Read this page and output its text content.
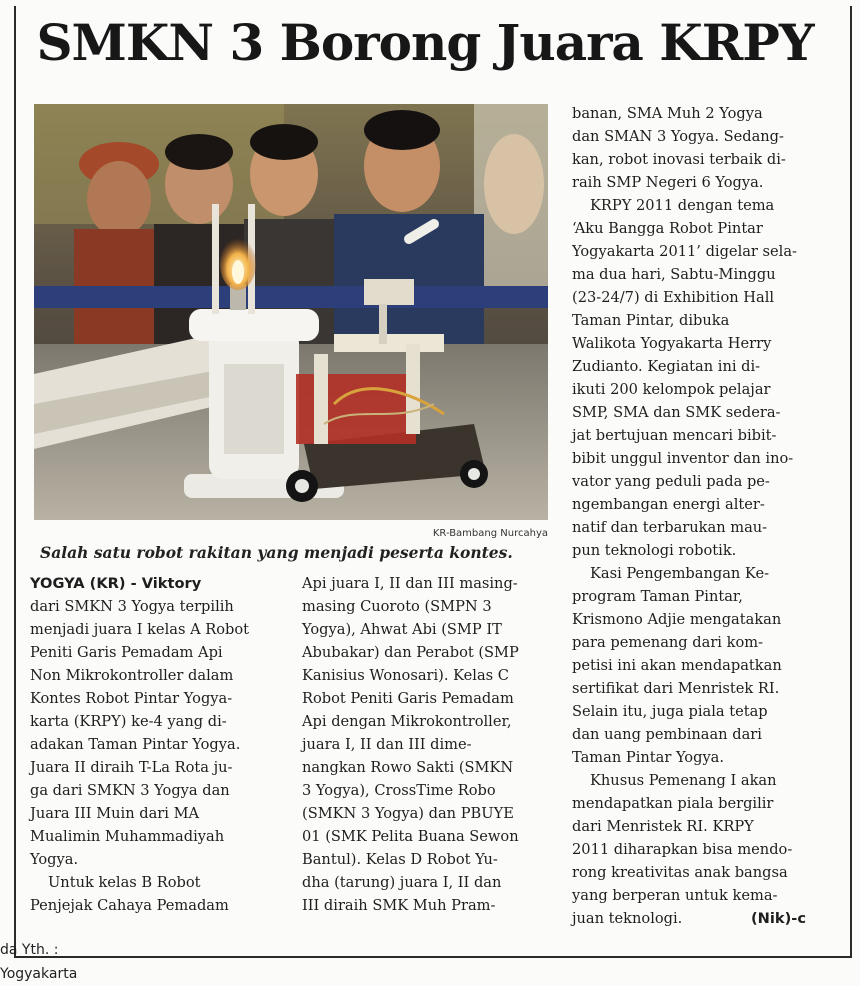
SMKN 3 Borong Juara KRPY
KR-Bambang Nurcahya
Salah satu robot rakitan yang menjadi peserta kontes.
YOGYA (KR) - Viktory
dari SMKN 3 Yogya terpilih
menjadi juara I kelas A Robot
Peniti Garis Pemadam Api
Non Mikrokontroller dalam
Kontes Robot Pintar Yogya-
karta (KRPY) ke-4 yang di-
adakan Taman Pintar Yogya.
Juara II diraih T-La Rota ju-
ga dari SMKN 3 Yogya dan
Juara III Muin dari MA
Mualimin Muhammadiyah
Yogya.
Untuk kelas B Robot
Penjejak Cahaya Pemadam
Api juara I, II dan III masing-
masing Cuoroto (SMPN 3
Yogya), Ahwat Abi (SMP IT
Abubakar) dan Perabot (SMP
Kanisius Wonosari). Kelas C
Robot Peniti Garis Pemadam
Api dengan Mikrokontroller,
juara I, II dan III dime-
nangkan Rowo Sakti (SMKN
3 Yogya), CrossTime Robo
(SMKN 3 Yogya) dan PBUYE
01 (SMK Pelita Buana Sewon
Bantul). Kelas D Robot Yu-
dha (tarung) juara I, II dan
III diraih SMK Muh Pram-
banan, SMA Muh 2 Yogya
dan SMAN 3 Yogya. Sedang-
kan, robot inovasi terbaik di-
raih SMP Negeri 6 Yogya.
KRPY 2011 dengan tema
‘Aku Bangga Robot Pintar
Yogyakarta 2011’ digelar sela-
ma dua hari, Sabtu-Minggu
(23-24/7) di Exhibition Hall
Taman Pintar, dibuka
Walikota Yogyakarta Herry
Zudianto. Kegiatan ini di-
ikuti 200 kelompok pelajar
SMP, SMA dan SMK sedera-
jat bertujuan mencari bibit-
bibit unggul inventor dan ino-
vator yang peduli pada pe-
ngembangan energi alter-
natif dan terbarukan mau-
pun teknologi robotik.
Kasi Pengembangan Ke-
program Taman Pintar,
Krismono Adjie mengatakan
para pemenang dari kom-
petisi ini akan mendapatkan
sertifikat dari Menristek RI.
Selain itu, juga piala tetap
dan uang pembinaan dari
Taman Pintar Yogya.
Khusus Pemenang I akan
mendapatkan piala bergilir
dari Menristek RI. KRPY
2011 diharapkan bisa mendo-
rong kreativitas anak bangsa
yang berperan untuk kema-
juan teknologi.	(Nik)-c
da Yth. :
Yogyakarta
